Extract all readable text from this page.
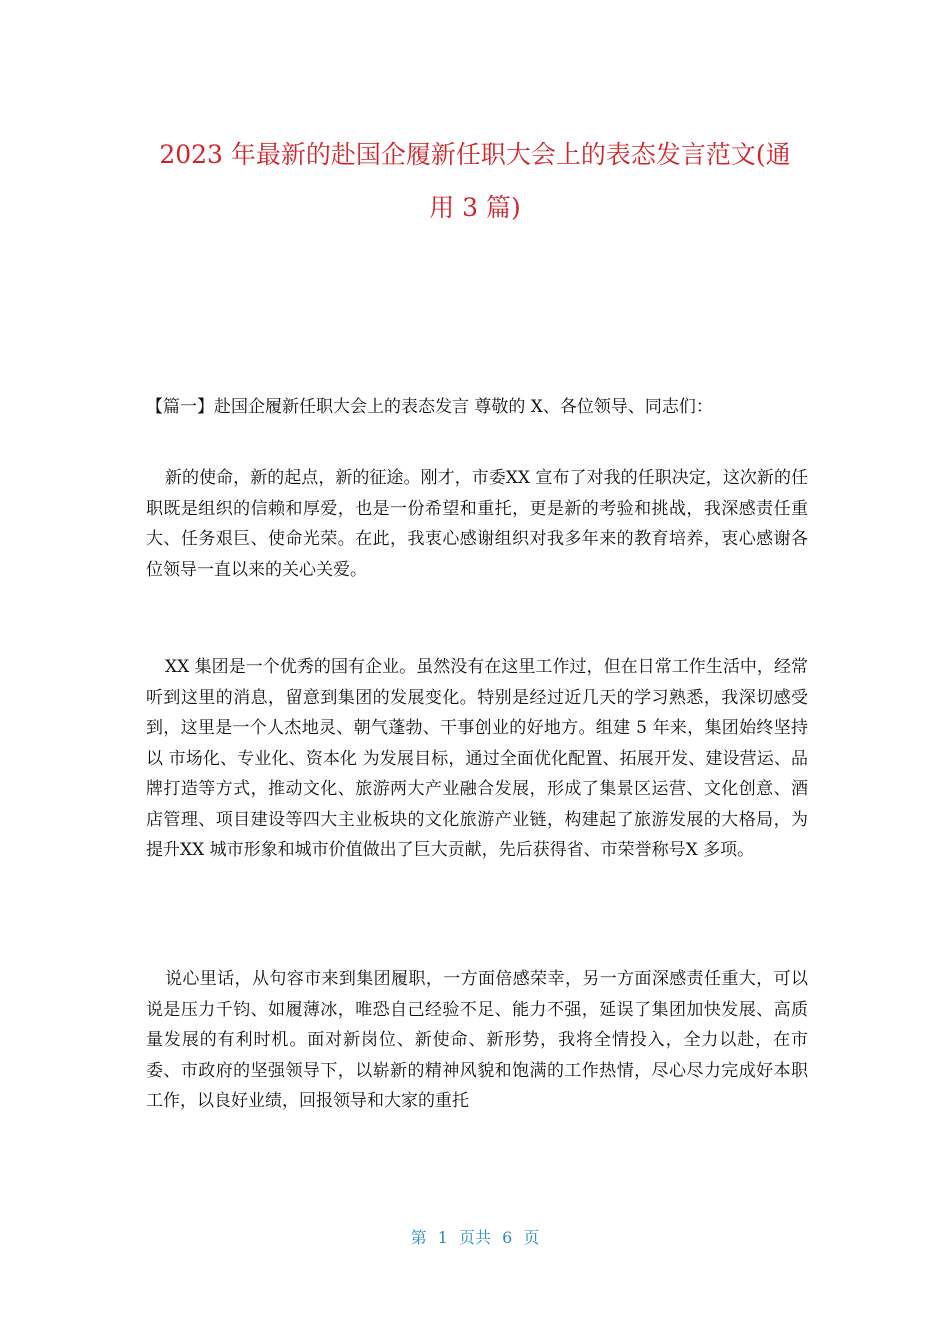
2023 年最新的赴国企履新任职大会上的表态发言范文(通
用 3 篇)

【篇一】赴国企履新任职大会上的表态发言 尊敬的 X、各位领导、同志们：

新的使命，新的起点，新的征途。刚才，市委XX 宣布了对我的任职决定，这次新的任职既是组织的信赖和厚爱，也是一份希望和重托，更是新的考验和挑战，我深感责任重大、任务艰巨、使命光荣。在此，我衷心感谢组织对我多年来的教育培养，衷心感谢各位领导一直以来的关心关爱。

XX 集团是一个优秀的国有企业。虽然没有在这里工作过，但在日常工作生活中，经常听到这里的消息，留意到集团的发展变化。特别是经过近几天的学习熟悉，我深切感受到，这里是一个人杰地灵、朝气蓬勃、干事创业的好地方。组建 5 年来，集团始终坚持以 市场化、专业化、资本化 为发展目标，通过全面优化配置、拓展开发、建设营运、品牌打造等方式，推动文化、旅游两大产业融合发展，形成了集景区运营、文化创意、酒店管理、项目建设等四大主业板块的文化旅游产业链，构建起了旅游发展的大格局，为提升XX 城市形象和城市价值做出了巨大贡献，先后获得省、市荣誉称号X 多项。

说心里话，从句容市来到集团履职，一方面倍感荣幸，另一方面深感责任重大，可以说是压力千钧、如履薄冰，唯恐自己经验不足、能力不强，延误了集团加快发展、高质量发展的有利时机。面对新岗位、新使命、新形势，我将全情投入，全力以赴，在市委、市政府的坚强领导下，以崭新的精神风貌和饱满的工作热情，尽心尽力完成好本职工作，以良好业绩，回报领导和大家的重托

第 1 页共 6 页
